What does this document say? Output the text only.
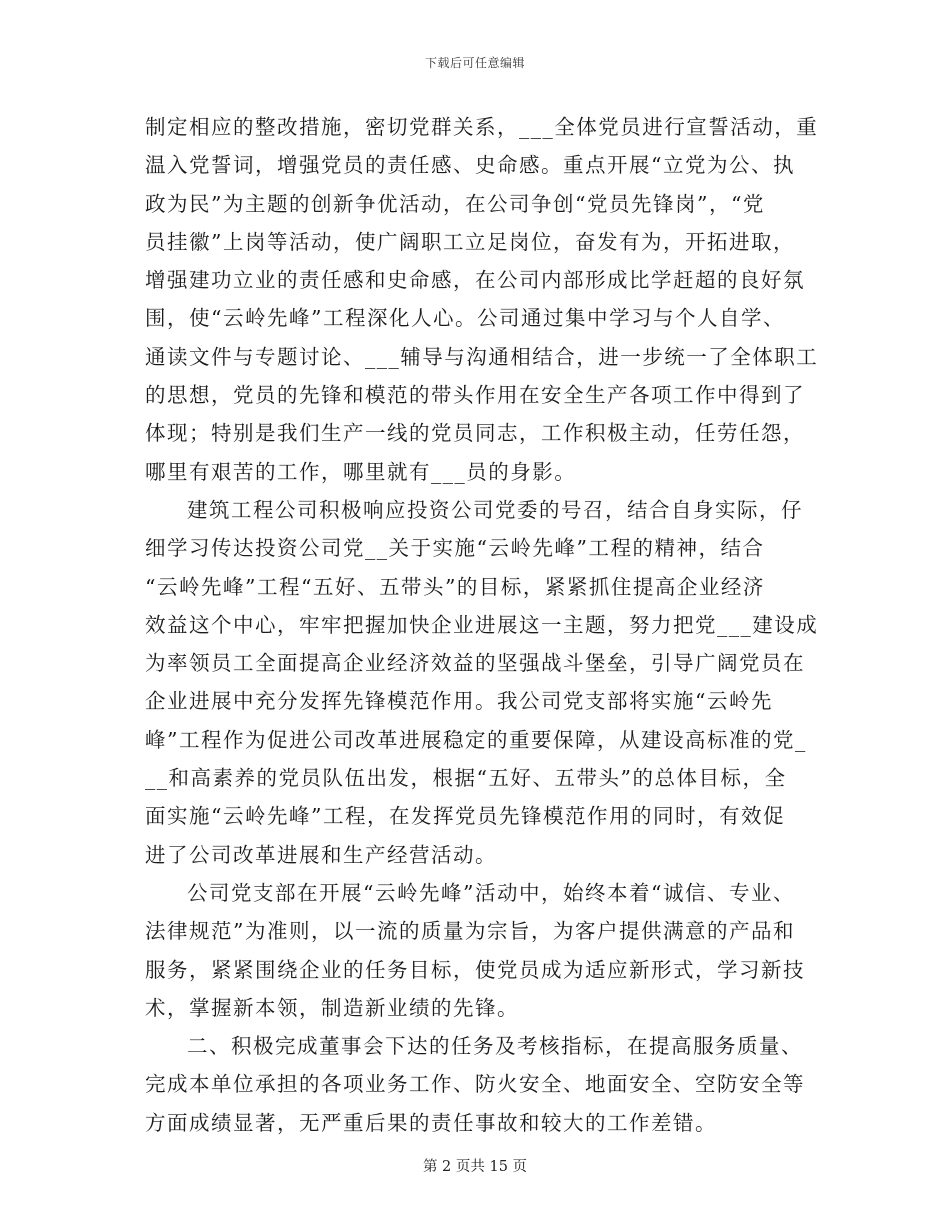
下载后可任意编辑
制定相应的整改措施，密切党群关系，___全体党员进行宣誓活动，重
温入党誓词，增强党员的责任感、史命感。重点开展“立党为公、执
政为民”为主题的创新争优活动，在公司争创“党员先锋岗”，“党
员挂徽”上岗等活动，使广阔职工立足岗位，奋发有为，开拓进取，
增强建功立业的责任感和史命感，在公司内部形成比学赶超的良好氛
围，使“云岭先峰”工程深化人心。公司通过集中学习与个人自学、
通读文件与专题讨论、___辅导与沟通相结合，进一步统一了全体职工
的思想，党员的先锋和模范的带头作用在安全生产各项工作中得到了
体现；特别是我们生产一线的党员同志，工作积极主动，任劳任怨，
哪里有艰苦的工作，哪里就有___员的身影。
建筑工程公司积极响应投资公司党委的号召，结合自身实际，仔
细学习传达投资公司党__关于实施“云岭先峰”工程的精神，结合
“云岭先峰”工程“五好、五带头”的目标，紧紧抓住提高企业经济
效益这个中心，牢牢把握加快企业进展这一主题，努力把党___建设成
为率领员工全面提高企业经济效益的坚强战斗堡垒，引导广阔党员在
企业进展中充分发挥先锋模范作用。我公司党支部将实施“云岭先
峰”工程作为促进公司改革进展稳定的重要保障，从建设高标准的党_
__和高素养的党员队伍出发，根据“五好、五带头”的总体目标，全
面实施“云岭先峰”工程，在发挥党员先锋模范作用的同时，有效促
进了公司改革进展和生产经营活动。
公司党支部在开展“云岭先峰”活动中，始终本着“诚信、专业、
法律规范”为准则，以一流的质量为宗旨，为客户提供满意的产品和
服务，紧紧围绕企业的任务目标，使党员成为适应新形式，学习新技
术，掌握新本领，制造新业绩的先锋。
二、积极完成董事会下达的任务及考核指标，在提高服务质量、
完成本单位承担的各项业务工作、防火安全、地面安全、空防安全等
方面成绩显著，无严重后果的责任事故和较大的工作差错。
第 2 页共 15 页
